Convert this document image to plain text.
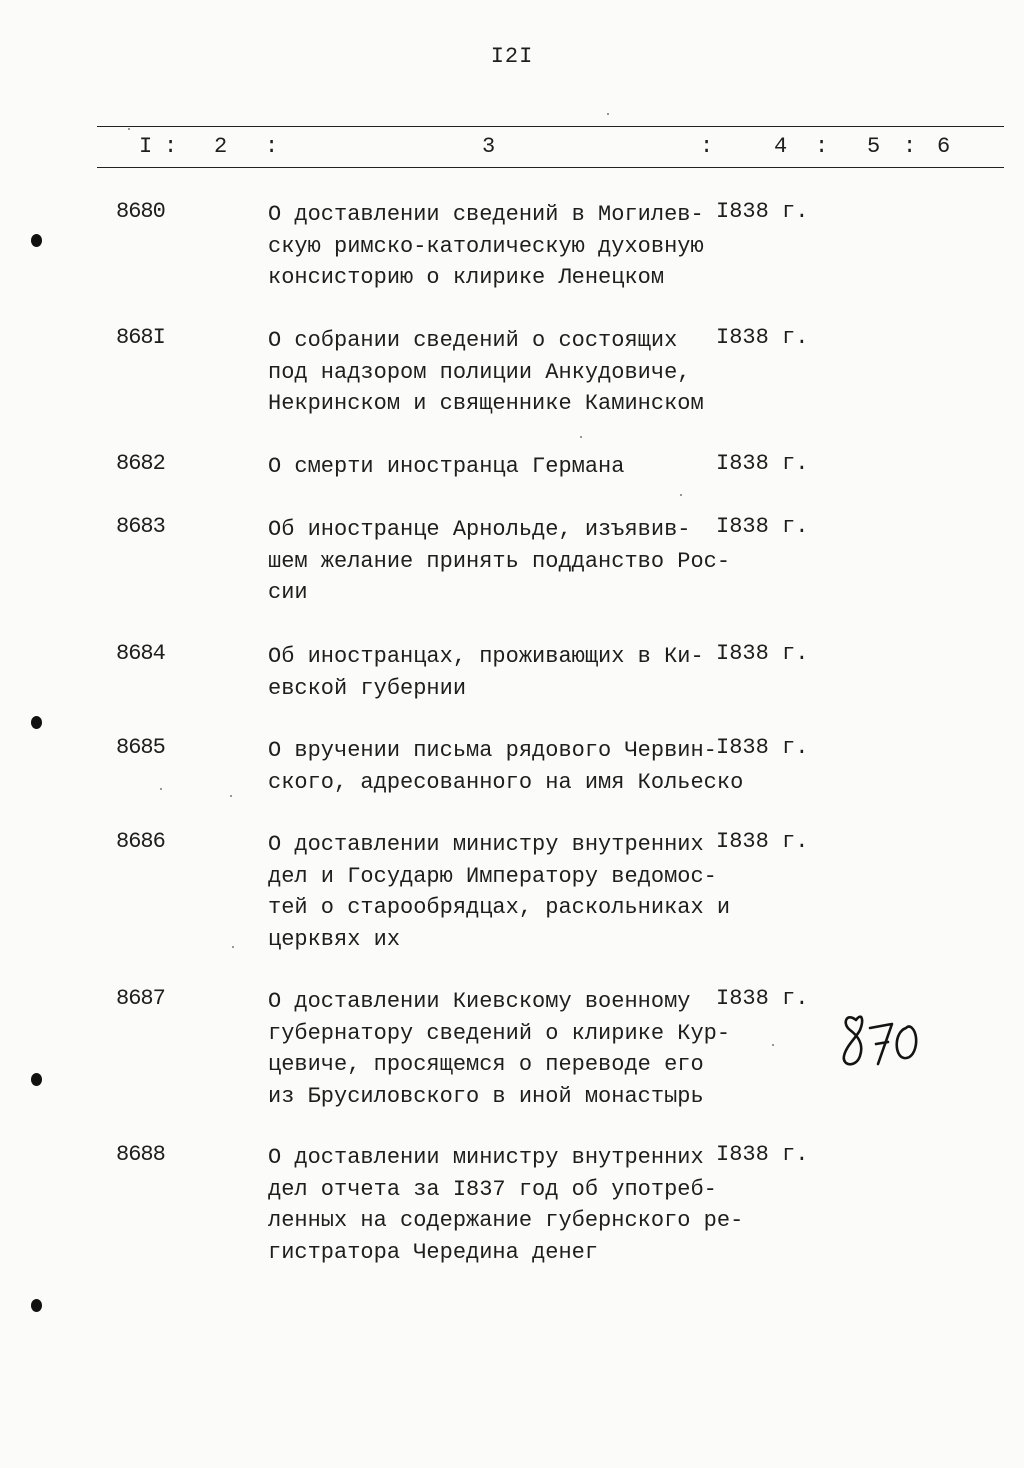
I2I
I : 2 :	3	:	4 : 5 : 6
8680	О доставлении сведений в Могилев-
скую римско-католическую духовную
консисторию о клирике Ленецком
I838 г.
868I	О собрании сведений о состоящих
под надзором полиции Анкудовиче,
Некринском и священнике Каминском
I838 г.
8682	О смерти иностранца Германа	I838 г.
8683	Об иностранце Арнольде, изъявив-
шем желание принять подданство Рос-
сии
I838 г.
8684	Об иностранцах, проживающих в Ки-
евской губернии
I838 г.
8685	О вручении письма рядового Червин-
ского, адресованного на имя Кольеско
I838 г.
8686	О доставлении министру внутренних
дел и Государю Императору ведомос-
тей о старообрядцах, раскольниках и
церквях их
I838 г.
8687	О доставлении Киевскому военному
губернатору сведений о клирике Кур-
цевиче, просящемся о переводе его
из Брусиловского в иной монастырь
I838 г.
8688	О доставлении министру внутренних
дел отчета за I837 год об употреб-
ленных на содержание губернского ре-
гистратора Чередина денег
I838 г.
